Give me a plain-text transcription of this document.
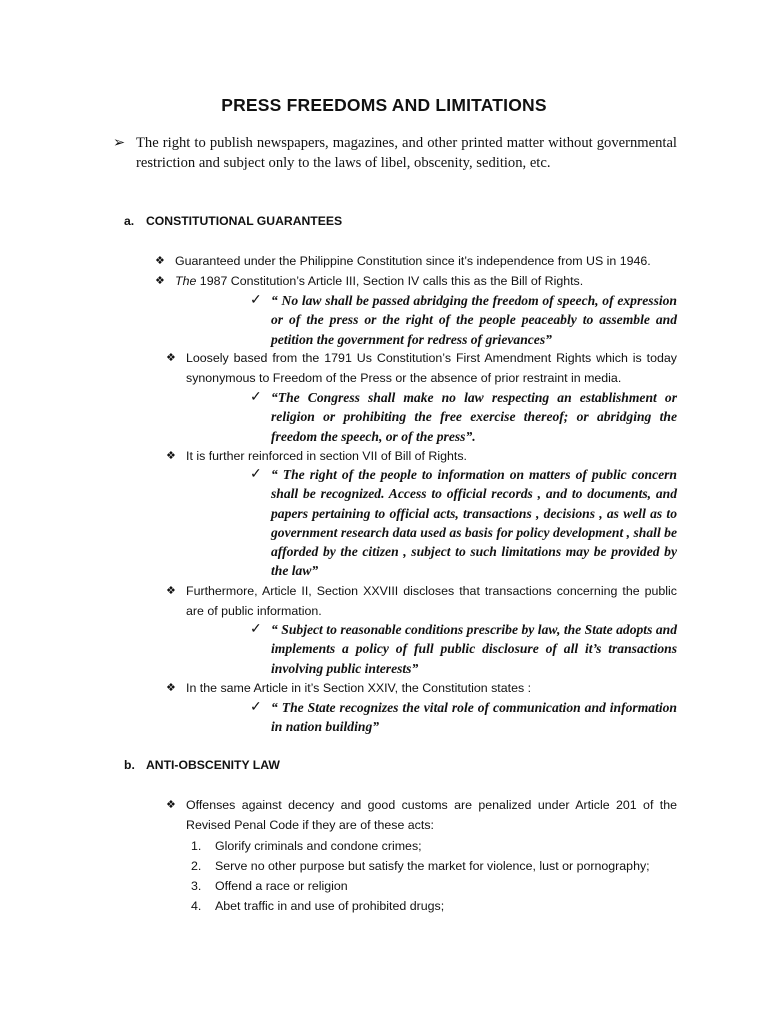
PRESS FREEDOMS AND LIMITATIONS
➢ The right to publish newspapers, magazines, and other printed matter without governmental restriction and subject only to the laws of libel, obscenity, sedition, etc.
a. CONSTITUTIONAL GUARANTEES
❖ Guaranteed under the Philippine Constitution since it’s independence from US in 1946.
❖ The 1987 Constitution’s Article III, Section IV calls this as the Bill of Rights.
✓ “ No law shall be passed abridging the freedom of speech, of expression or of the press or the right of the people peaceably to assemble and petition the government for redress of grievances”
❖ Loosely based from the 1791 Us Constitution’s First Amendment Rights which is today synonymous to Freedom of the Press or the absence of prior restraint in media.
✓ “The Congress shall make no law respecting an establishment or religion or prohibiting the free exercise thereof; or abridging the freedom the speech, or of the press”.
❖ It is further reinforced in section VII of Bill of Rights.
✓ “ The right of the people to information on matters of public concern shall be recognized. Access to official records , and to documents, and papers pertaining to official acts, transactions , decisions , as well as to government research data used as basis for policy development , shall be afforded by the citizen , subject to such limitations may be provided by the law”
❖ Furthermore, Article II, Section XXVIII discloses that transactions concerning the public are of public information.
✓ “ Subject to reasonable conditions prescribe by law, the State adopts and implements a policy of full public disclosure of all it’s transactions involving public interests”
❖ In the same Article in it’s Section XXIV, the Constitution states :
✓ “ The State recognizes the vital role of communication and information in nation building”
b. ANTI-OBSCENITY LAW
❖ Offenses against decency and good customs are penalized under Article 201 of the Revised Penal Code if they are of these acts:
1. Glorify criminals and condone crimes;
2. Serve no other purpose but satisfy the market for violence, lust or pornography;
3. Offend a race or religion
4. Abet traffic in and use of prohibited drugs;
